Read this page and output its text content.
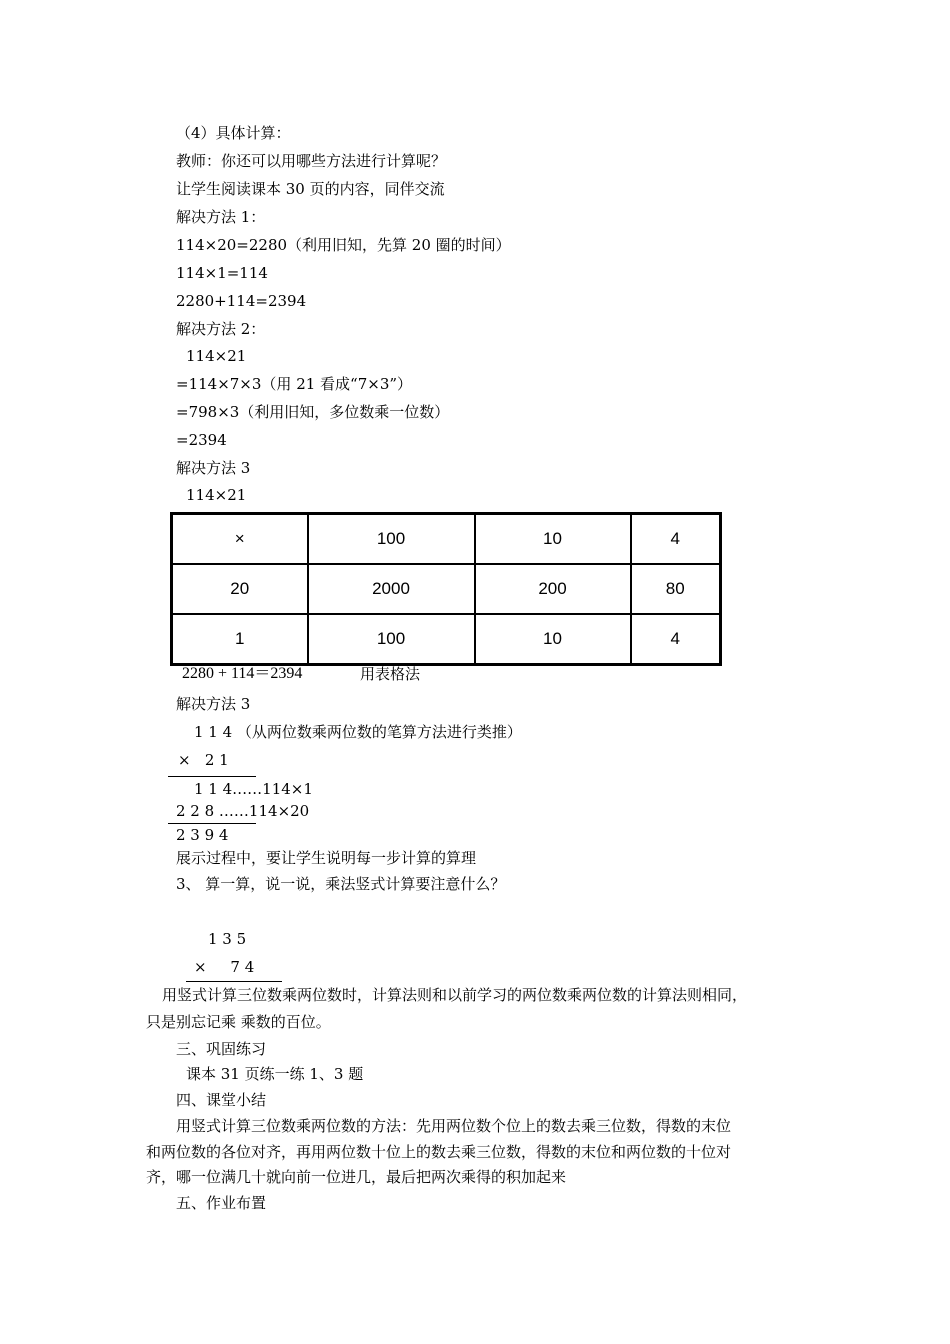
（4）具体计算：
教师：你还可以用哪些方法进行计算呢？
让学生阅读课本 30 页的内容，同伴交流
解决方法 1：
114×20=2280（利用旧知，先算 20 圈的时间）
114×1=114
2280+114=2394
解决方法 2：
114×21
=114×7×3（用 21 看成“7×3”）
=798×3（利用旧知，多位数乘一位数）
=2394
解决方法 3
114×21
×	100	10	4
20	2000	200	80
1	100	10	4
2280 + 114＝2394	用表格法
解决方法 3
1 1 4 （从两位数乘两位数的笔算方法进行类推）
×   2 1
1 1 4……114×1
2 2 8 ……114×20
2 3 9 4
展示过程中，要让学生说明每一步计算的算理
3、 算一算，说一说，乘法竖式计算要注意什么？
1 3 5
×     7 4
用竖式计算三位数乘两位数时，计算法则和以前学习的两位数乘两位数的计算法则相同，
只是别忘记乘 乘数的百位。
三、巩固练习
课本 31 页练一练 1、3 题
四、课堂小结
用竖式计算三位数乘两位数的方法：先用两位数个位上的数去乘三位数，得数的末位
和两位数的各位对齐，再用两位数十位上的数去乘三位数，得数的末位和两位数的十位对
齐，哪一位满几十就向前一位进几，最后把两次乘得的积加起来
五、作业布置
